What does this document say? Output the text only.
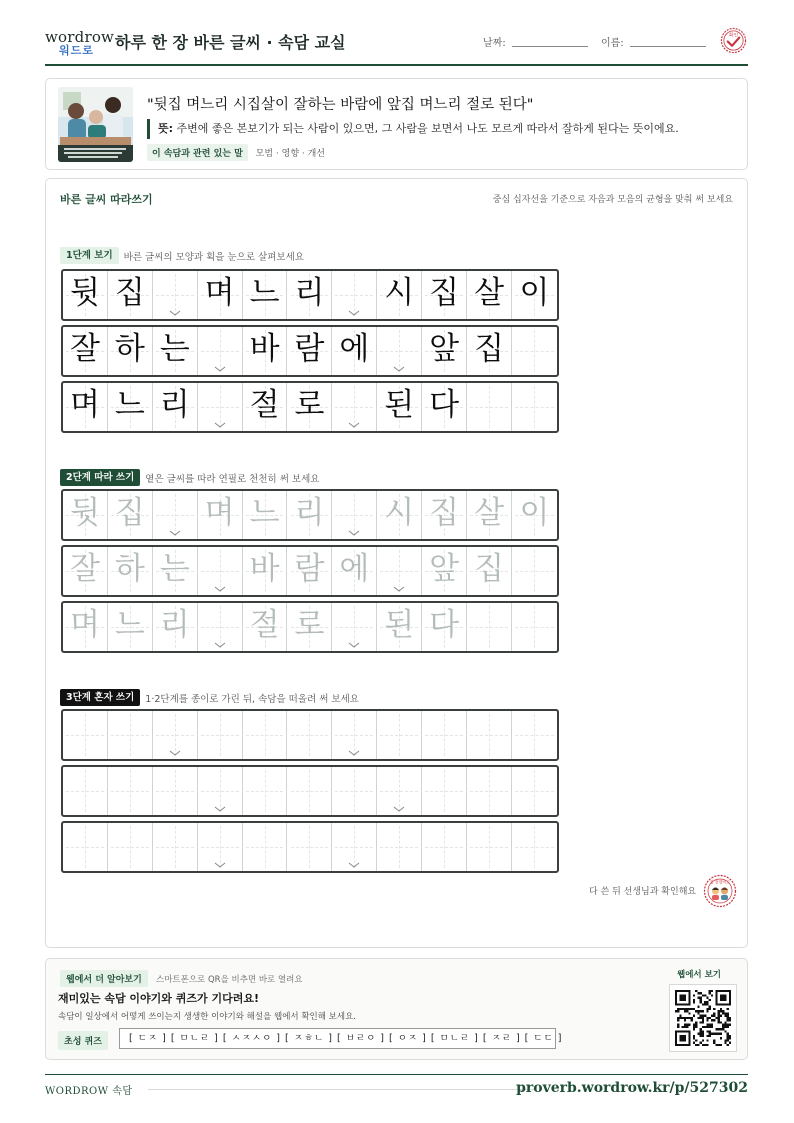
wordrow
워드로 하루 한 장 바른 글씨 · 속담 교실	날짜:	이름:
확인
"뒷집 며느리 시집살이 잘하는 바람에 앞집 며느리 절로 된다"
뜻: 주변에 좋은 본보기가 되는 사람이 있으면, 그 사람을 보면서 나도 모르게 따라서 잘하게 된다는 뜻이에요.
이 속담과 관련 있는 말 모범 · 영향 · 개선
바른 글씨 따라쓰기	중심 십자선을 기준으로 자음과 모음의 균형을 맞춰 써 보세요
1단계 보기 바른 글씨의 모양과 획을 눈으로 살펴보세요
2단계 따라 쓰기 옅은 글씨를 따라 연필로 천천히 써 보세요
3단계 혼자 쓰기 1·2단계를 종이로 가린 뒤, 속담을 떠올려 써 보세요
뒷 집 며 느 리 시 집 살 이
잘 하 는 바 람 에 앞 집
며 느 리 절 로 된 다
뒷 집 며 느 리 시 집 살 이
잘 하 는 바 람 에 앞 집
며 느 리 절 로 된 다
다 쓴 뒤 선생님과 확인해요
참 잘했어요
웹에서 더 알아보기	스마트폰으로 QR을 비추면 바로 열려요
재미있는 속담 이야기와 퀴즈가 기다려요!
속담이 일상에서 어떻게 쓰이는지 생생한 이야기와 해설을 웹에서 확인해 보세요.
초성 퀴즈	[ ㄷㅈ ] [ ㅁㄴㄹ ] [ ㅅㅈㅅㅇ ] [ ㅈㅎㄴ ] [ ㅂㄹㅇ ] [ ㅇㅈ ] [ ㅁㄴㄹ ] [ ㅈㄹ ] [ ㄷㄷ ]
웹에서 보기
WORDROW 속담	proverb.wordrow.kr/p/527302
